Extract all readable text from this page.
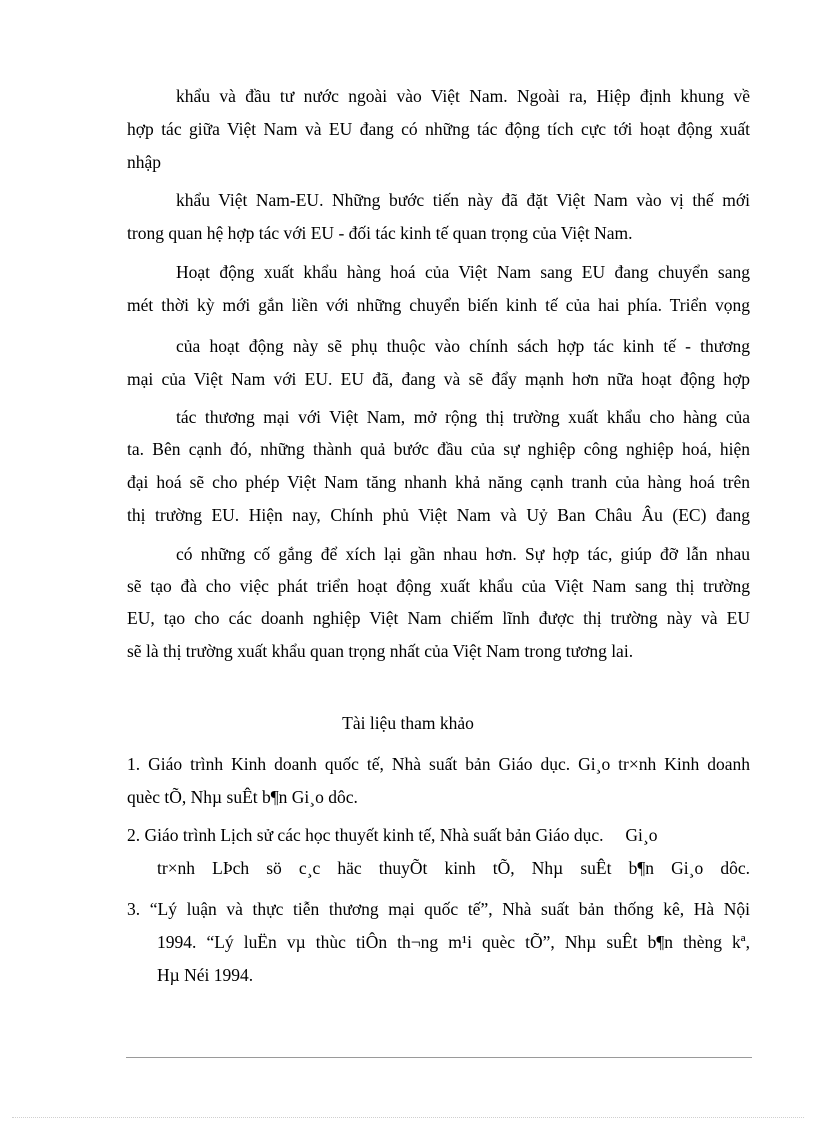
khẩu và đầu tư nước ngoài vào Việt Nam. Ngoài ra, Hiệp định khung về

hợp tác giữa Việt Nam và EU đang có những tác động tích cực tới hoạt động xuất

nhập

khẩu Việt Nam-EU. Những bước tiến này đã đặt Việt Nam vào vị thế mới

trong quan hệ hợp tác với EU - đối tác kinh tế quan trọng của Việt Nam.

Hoạt động xuất khẩu hàng hoá của Việt Nam sang EU đang chuyển sang

mét thời kỳ mới gắn liền với những chuyển biến kinh tế của hai phía. Triển vọng

của hoạt động này sẽ phụ thuộc vào chính sách hợp tác kinh tế - thương

mại của Việt Nam với EU. EU đã, đang và sẽ đẩy mạnh hơn nữa hoạt động hợp

tác thương mại với Việt Nam, mở rộng thị trường xuất khẩu cho hàng của

ta. Bên cạnh đó, những thành quả bước đầu của sự nghiệp công nghiệp hoá, hiện

đại hoá sẽ cho phép Việt Nam tăng nhanh khả năng cạnh tranh của hàng hoá trên

thị trường EU. Hiện nay, Chính phủ Việt Nam và Uỷ Ban Châu Âu (EC) đang

có những cố gắng để xích lại gần nhau hơn. Sự hợp tác, giúp đỡ lẫn nhau

sẽ tạo đà cho việc phát triển hoạt động xuất khẩu của Việt Nam sang thị trường

EU, tạo cho các doanh nghiệp Việt Nam chiếm lĩnh được thị trường này và EU

sẽ là thị trường xuất khẩu quan trọng nhất của Việt Nam trong tương lai.

Tài liệu tham khảo

1. Giáo trình Kinh doanh quốc tế, Nhà suất bản Giáo dục. Gi¸o tr×nh Kinh doanh

quèc tÕ, Nhµ suÊt b¶n Gi¸o dôc.

2. Giáo trình Lịch sử các học thuyết kinh tế, Nhà suất bản Giáo dục.     Gi¸o

tr×nh LÞch sö c¸c häc thuyÕt kinh tÕ, Nhµ suÊt b¶n Gi¸o dôc.

3. “Lý luận và thực tiễn thương mại quốc tế”, Nhà suất bản thống kê, Hà Nội

1994. “Lý luËn vµ thùc tiÔn th¬ng m¹i quèc tÕ”, Nhµ suÊt b¶n thèng kª,

Hµ Néi 1994.
